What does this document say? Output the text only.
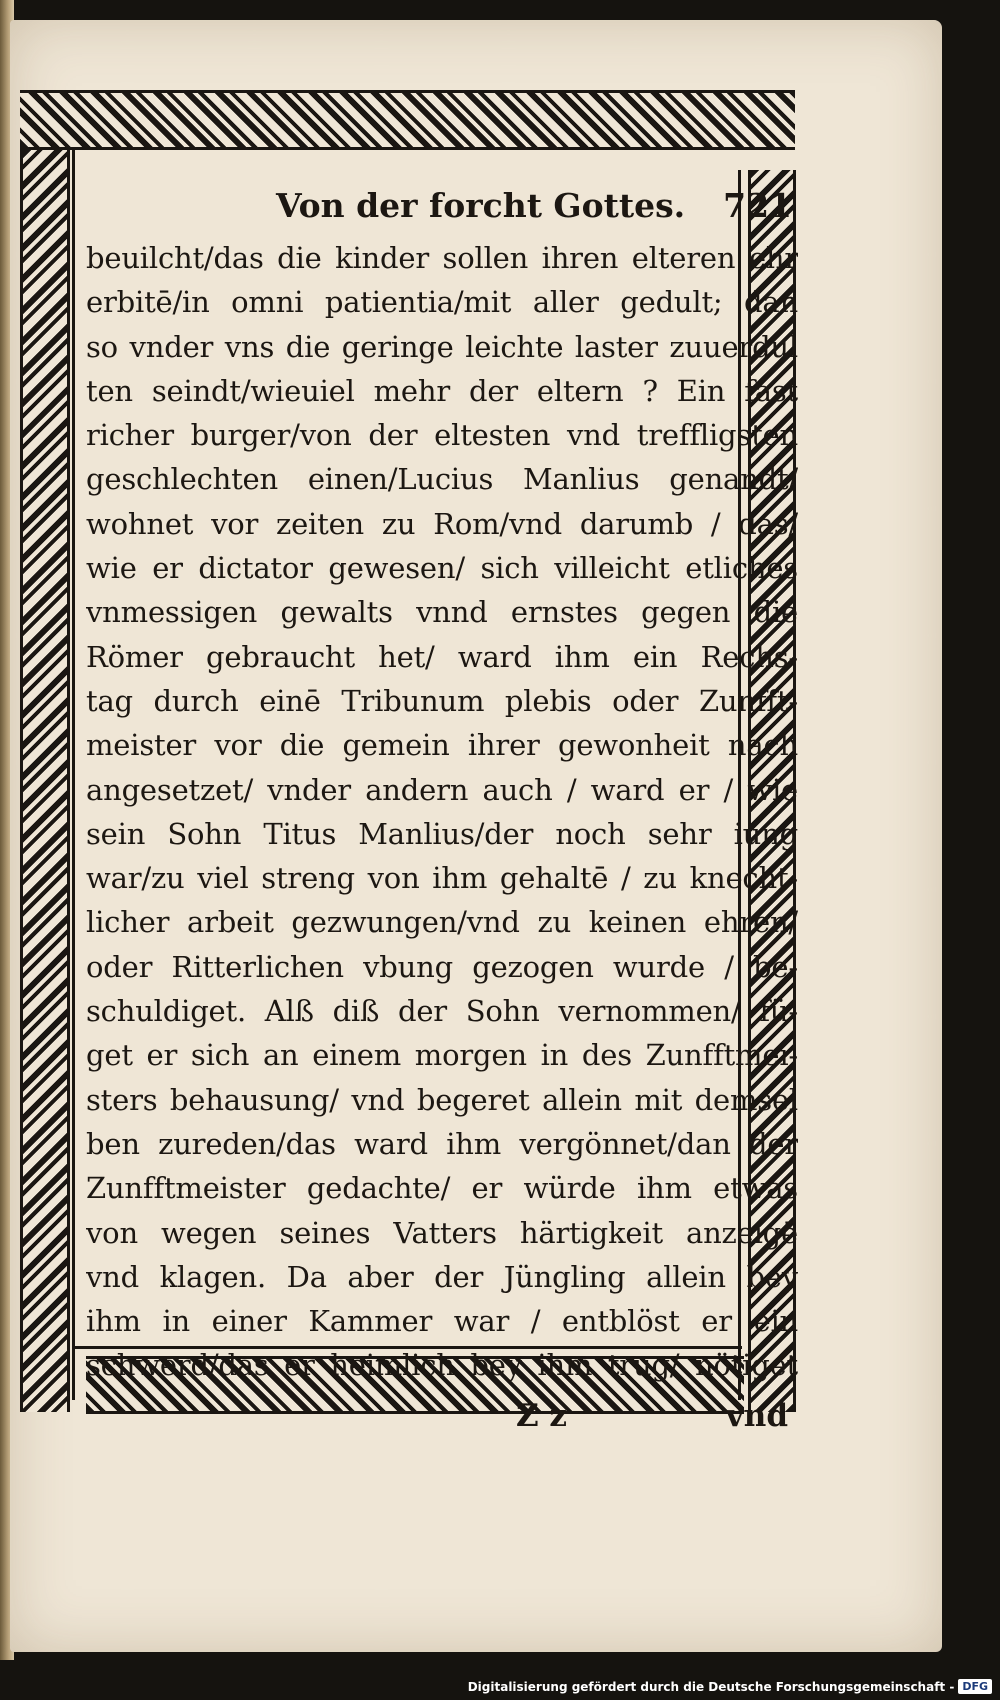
Von der forcht Gottes. 721
beuilcht/das die kinder sollen ihren elteren ehr
erbitē/in omni patientia/mit aller gedult; dan
so vnder vns die geringe leichte laster zuuerdul
ten seindt/wieuiel mehr der eltern ? Ein fast
richer burger/von der eltesten vnd treffligsten
geschlechten einen/Lucius Manlius genandt/
wohnet vor zeiten zu Rom/vnd darumb / das/
wie er dictator gewesen/ sich villeicht etliches
vnmessigen gewalts vnnd ernstes gegen die
Römer gebraucht het/ ward ihm ein Rechs-
tag durch einē Tribunum plebis oder Zunfft-
meister vor die gemein ihrer gewonheit nach
angesetzet/ vnder andern auch / ward er / wie
sein Sohn Titus Manlius/der noch sehr iung
war/zu viel streng von ihm gehaltē / zu knecht-
licher arbeit gezwungen/vnd zu keinen ehren/
oder Ritterlichen vbung gezogen wurde / be-
schuldiget. Alß diß der Sohn vernommen/ fü-
get er sich an einem morgen in des Zunfftmei-
sters behausung/ vnd begeret allein mit demsel
ben zureden/das ward ihm vergönnet/dan der
Zunfftmeister gedachte/ er würde ihm etwas
von wegen seines Vatters härtigkeit anzeigē
vnd klagen. Da aber der Jüngling allein bey
ihm in einer Kammer war / entblöst er ein
schwerd/das er heimlich bey ihm trug/ nötiget
Z z	vnd
Digitalisierung gefördert durch die Deutsche Forschungsgemeinschaft - DFG
